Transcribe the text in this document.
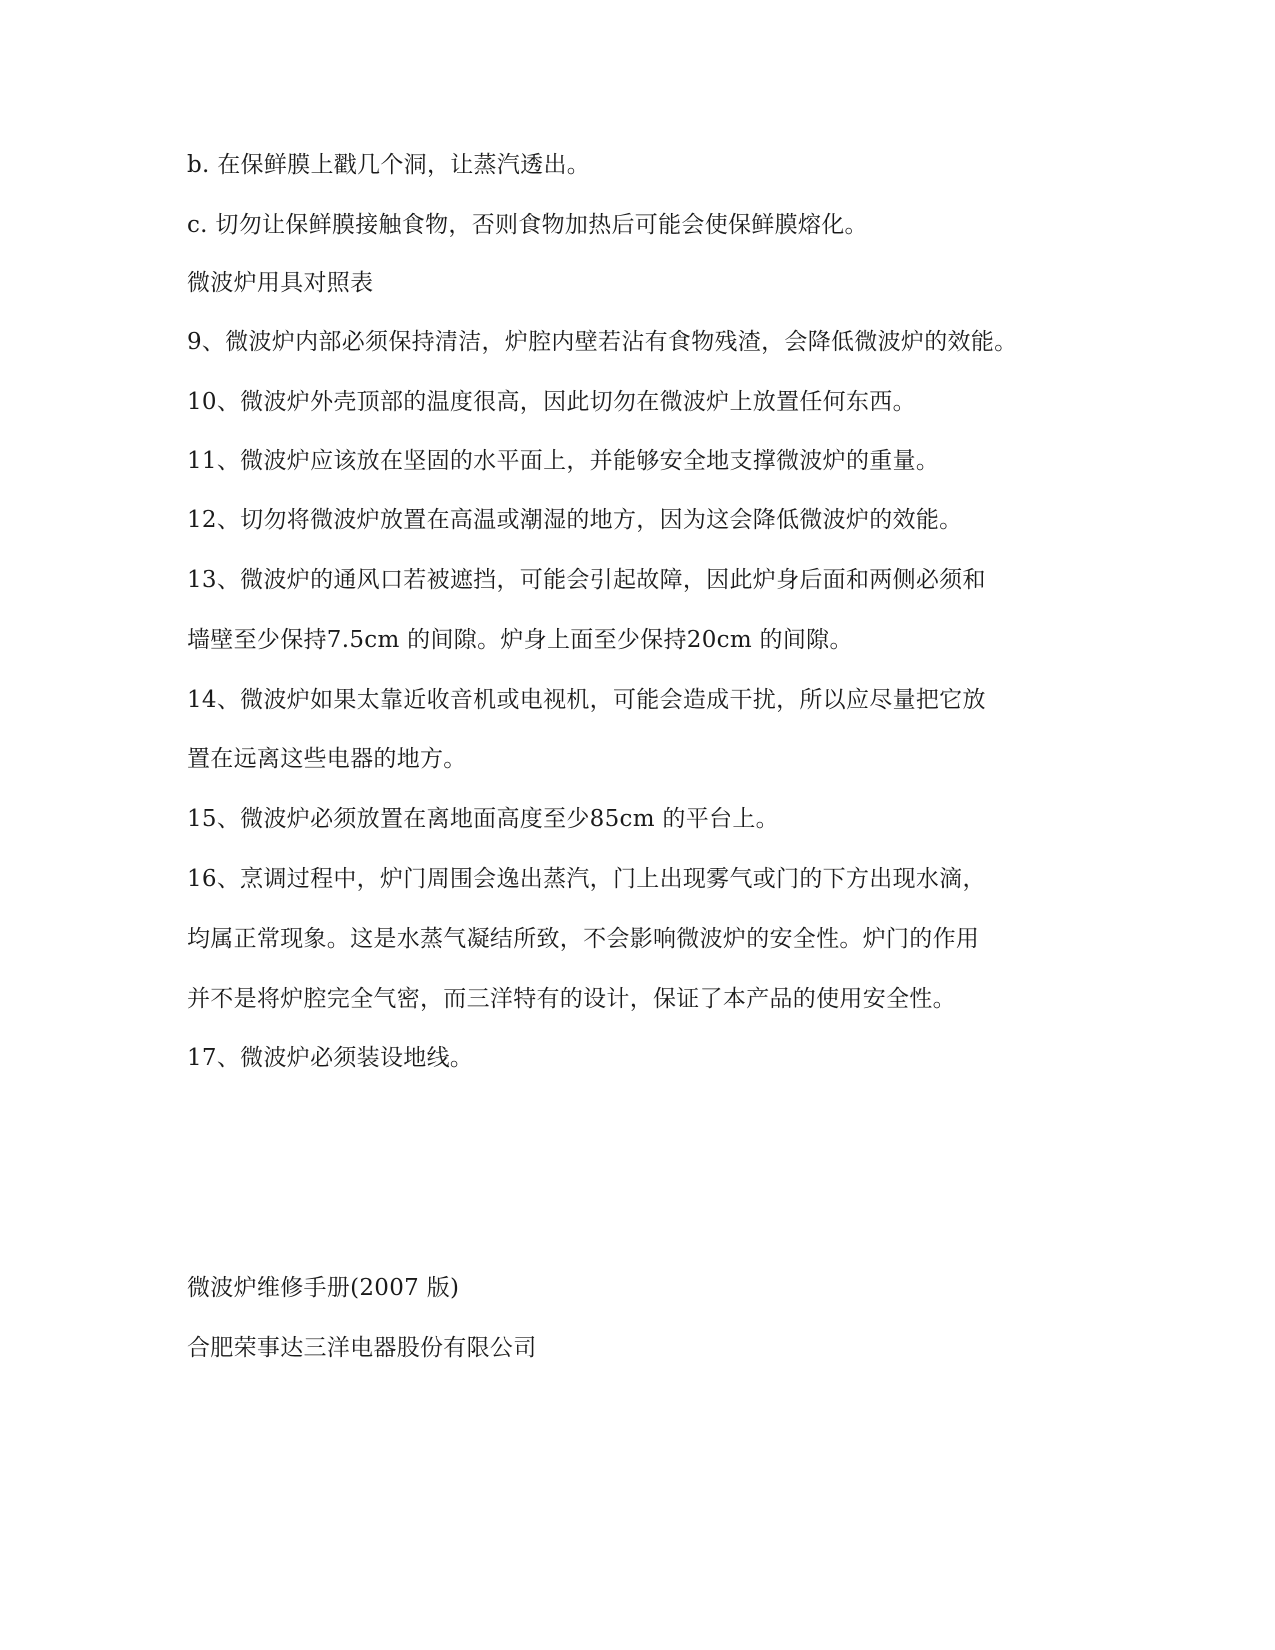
b. 在保鲜膜上戳几个洞，让蒸汽透出。
c. 切勿让保鲜膜接触食物，否则食物加热后可能会使保鲜膜熔化。
微波炉用具对照表
9、微波炉内部必须保持清洁，炉腔内壁若沾有食物残渣，会降低微波炉的效能。
10、微波炉外壳顶部的温度很高，因此切勿在微波炉上放置任何东西。
11、微波炉应该放在坚固的水平面上，并能够安全地支撑微波炉的重量。
12、切勿将微波炉放置在高温或潮湿的地方，因为这会降低微波炉的效能。
13、微波炉的通风口若被遮挡，可能会引起故障，因此炉身后面和两侧必须和
墙壁至少保持7.5cm 的间隙。炉身上面至少保持20cm 的间隙。
14、微波炉如果太靠近收音机或电视机，可能会造成干扰，所以应尽量把它放
置在远离这些电器的地方。
15、微波炉必须放置在离地面高度至少85cm 的平台上。
16、烹调过程中，炉门周围会逸出蒸汽，门上出现雾气或门的下方出现水滴，
均属正常现象。这是水蒸气凝结所致，不会影响微波炉的安全性。炉门的作用
并不是将炉腔完全气密，而三洋特有的设计，保证了本产品的使用安全性。
17、微波炉必须装设地线。
微波炉维修手册(2007 版)
合肥荣事达三洋电器股份有限公司
